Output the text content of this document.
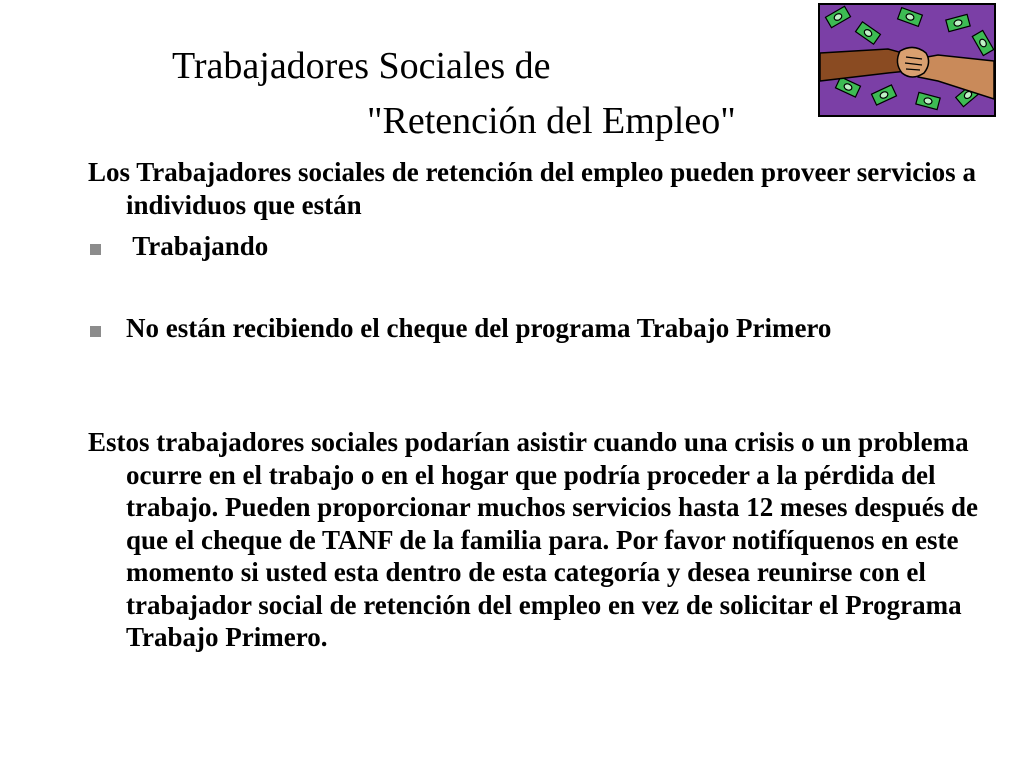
Trabajadores Sociales de
"Retención del Empleo"
Los Trabajadores sociales de retención del empleo pueden proveer servicios a individuos que están
Trabajando
No están recibiendo el cheque del programa Trabajo Primero
Estos trabajadores sociales podarían asistir cuando una crisis o un problema ocurre en el trabajo o en el hogar que podría proceder a la pérdida del trabajo. Pueden proporcionar muchos servicios hasta 12 meses después de que el cheque de TANF de la familia para. Por favor notifíquenos en este momento si usted esta dentro de esta categoría y desea reunirse con el trabajador social de retención del empleo en vez de solicitar el Programa Trabajo Primero.
